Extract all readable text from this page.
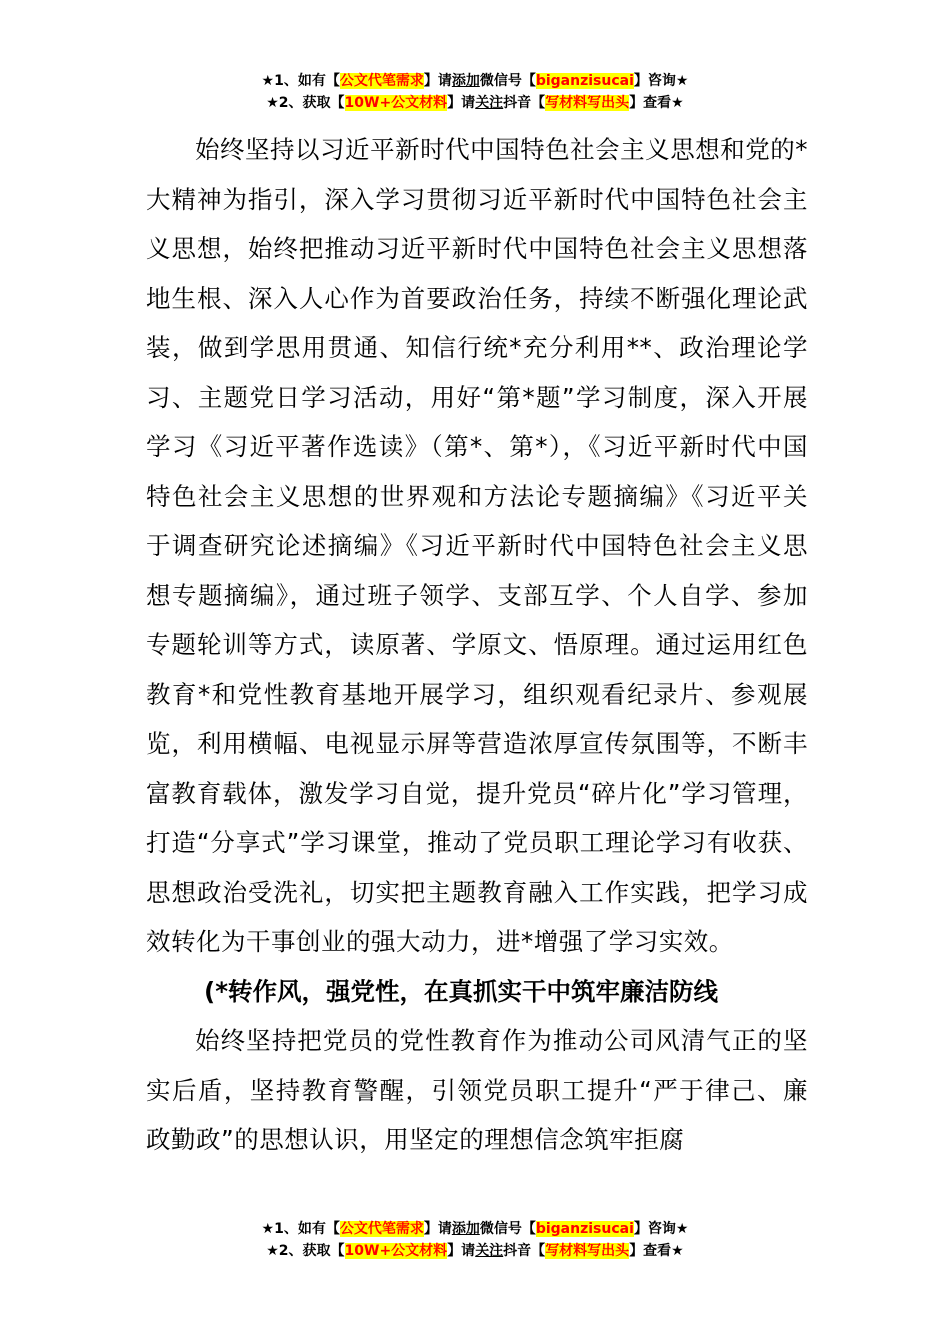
★1、如有【公文代笔需求】请添加微信号【biganzisucai】咨询★
★2、获取【10W+公文材料】请关注抖音【写材料写出头】查看★

始终坚持以习近平新时代中国特色社会主义思想和党的*大精神为指引，深入学习贯彻习近平新时代中国特色社会主义思想，始终把推动习近平新时代中国特色社会主义思想落地生根、深入人心作为首要政治任务，持续不断强化理论武装，做到学思用贯通、知信行统*充分利用**、政治理论学习、主题党日学习活动，用好“第*题”学习制度，深入开展学习《习近平著作选读》（第*、第*），《习近平新时代中国特色社会主义思想的世界观和方法论专题摘编》《习近平关于调查研究论述摘编》《习近平新时代中国特色社会主义思想专题摘编》，通过班子领学、支部互学、个人自学、参加专题轮训等方式，读原著、学原文、悟原理。通过运用红色教育*和党性教育基地开展学习，组织观看纪录片、参观展览，利用横幅、电视显示屏等营造浓厚宣传氛围等，不断丰富教育载体，激发学习自觉，提升党员“碎片化”学习管理，打造“分享式”学习课堂，推动了党员职工理论学习有收获、思想政治受洗礼，切实把主题教育融入工作实践，把学习成效转化为干事创业的强大动力，进*增强了学习实效。

(*转作风，强党性，在真抓实干中筑牢廉洁防线

始终坚持把党员的党性教育作为推动公司风清气正的坚实后盾，坚持教育警醒，引领党员职工提升“严于律己、廉政勤政”的思想认识，用坚定的理想信念筑牢拒腐

★1、如有【公文代笔需求】请添加微信号【biganzisucai】咨询★
★2、获取【10W+公文材料】请关注抖音【写材料写出头】查看★
